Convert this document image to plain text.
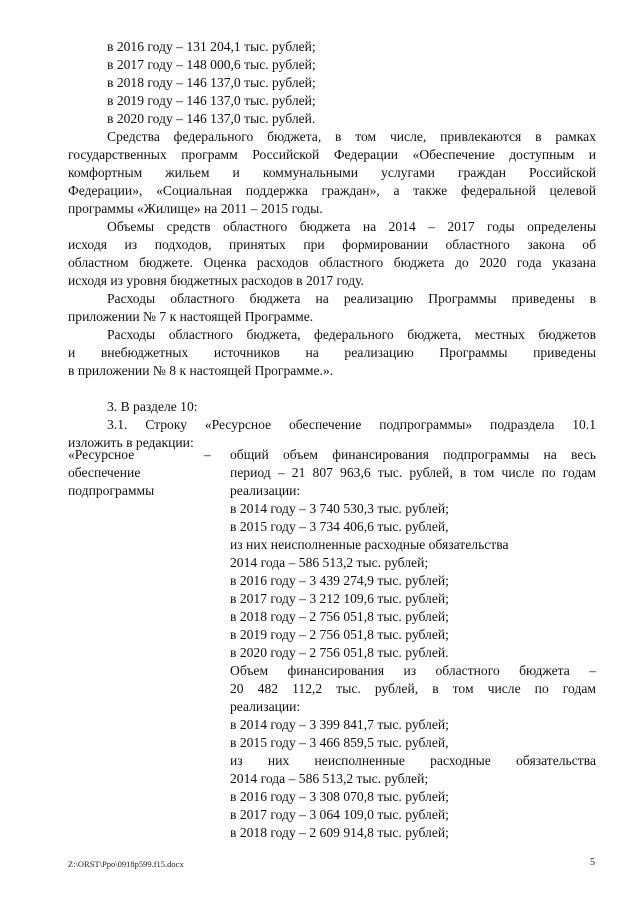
в 2016 году – 131 204,1 тыс. рублей;

в 2017 году – 148 000,6 тыс. рублей;

в 2018 году – 146 137,0 тыс. рублей;

в 2019 году – 146 137,0 тыс. рублей;

в 2020 году – 146 137,0 тыс. рублей.

Средства федерального бюджета, в том числе, привлекаются в рамках

государственных программ Российской Федерации «Обеспечение доступным и

комфортным жильем и коммунальными услугами граждан Российской

Федерации», «Социальная поддержка граждан», а также федеральной целевой

программы «Жилище» на 2011 – 2015 годы.

Объемы средств областного бюджета на 2014 – 2017 годы определены

исходя из подходов, принятых при формировании областного закона об

областном бюджете. Оценка расходов областного бюджета до 2020 года указана

исходя из уровня бюджетных расходов в 2017 году.

Расходы областного бюджета на реализацию Программы приведены в

приложении № 7 к настоящей Программе.

Расходы областного бюджета, федерального бюджета, местных бюджетов

и внебюджетных источников на реализацию Программы приведены

в приложении № 8 к настоящей Программе.».

3. В разделе 10:

3.1. Строку «Ресурсное обеспечение подпрограммы» подраздела 10.1

изложить в редакции:

«Ресурсное

обеспечение

подпрограммы

– общий объем финансирования подпрограммы на весь

период – 21 807 963,6 тыс. рублей, в том числе по годам

реализации:

в 2014 году – 3 740 530,3 тыс. рублей;

в 2015 году – 3 734 406,6 тыс. рублей,

из них неисполненные расходные обязательства

2014 года – 586 513,2 тыс. рублей;

в 2016 году – 3 439 274,9 тыс. рублей;

в 2017 году – 3 212 109,6 тыс. рублей;

в 2018 году – 2 756 051,8 тыс. рублей;

в 2019 году – 2 756 051,8 тыс. рублей;

в 2020 году – 2 756 051,8 тыс. рублей.

Объем финансирования из областного бюджета –

20 482 112,2 тыс. рублей, в том числе по годам

реализации:

в 2014 году – 3 399 841,7 тыс. рублей;

в 2015 году – 3 466 859,5 тыс. рублей,

из них неисполненные расходные обязательства

2014 года – 586 513,2 тыс. рублей;

в 2016 году – 3 308 070,8 тыс. рублей;

в 2017 году – 3 064 109,0 тыс. рублей;

в 2018 году – 2 609 914,8 тыс. рублей;

Z:\ORST\Ppo\0918p599.f15.docx	5
